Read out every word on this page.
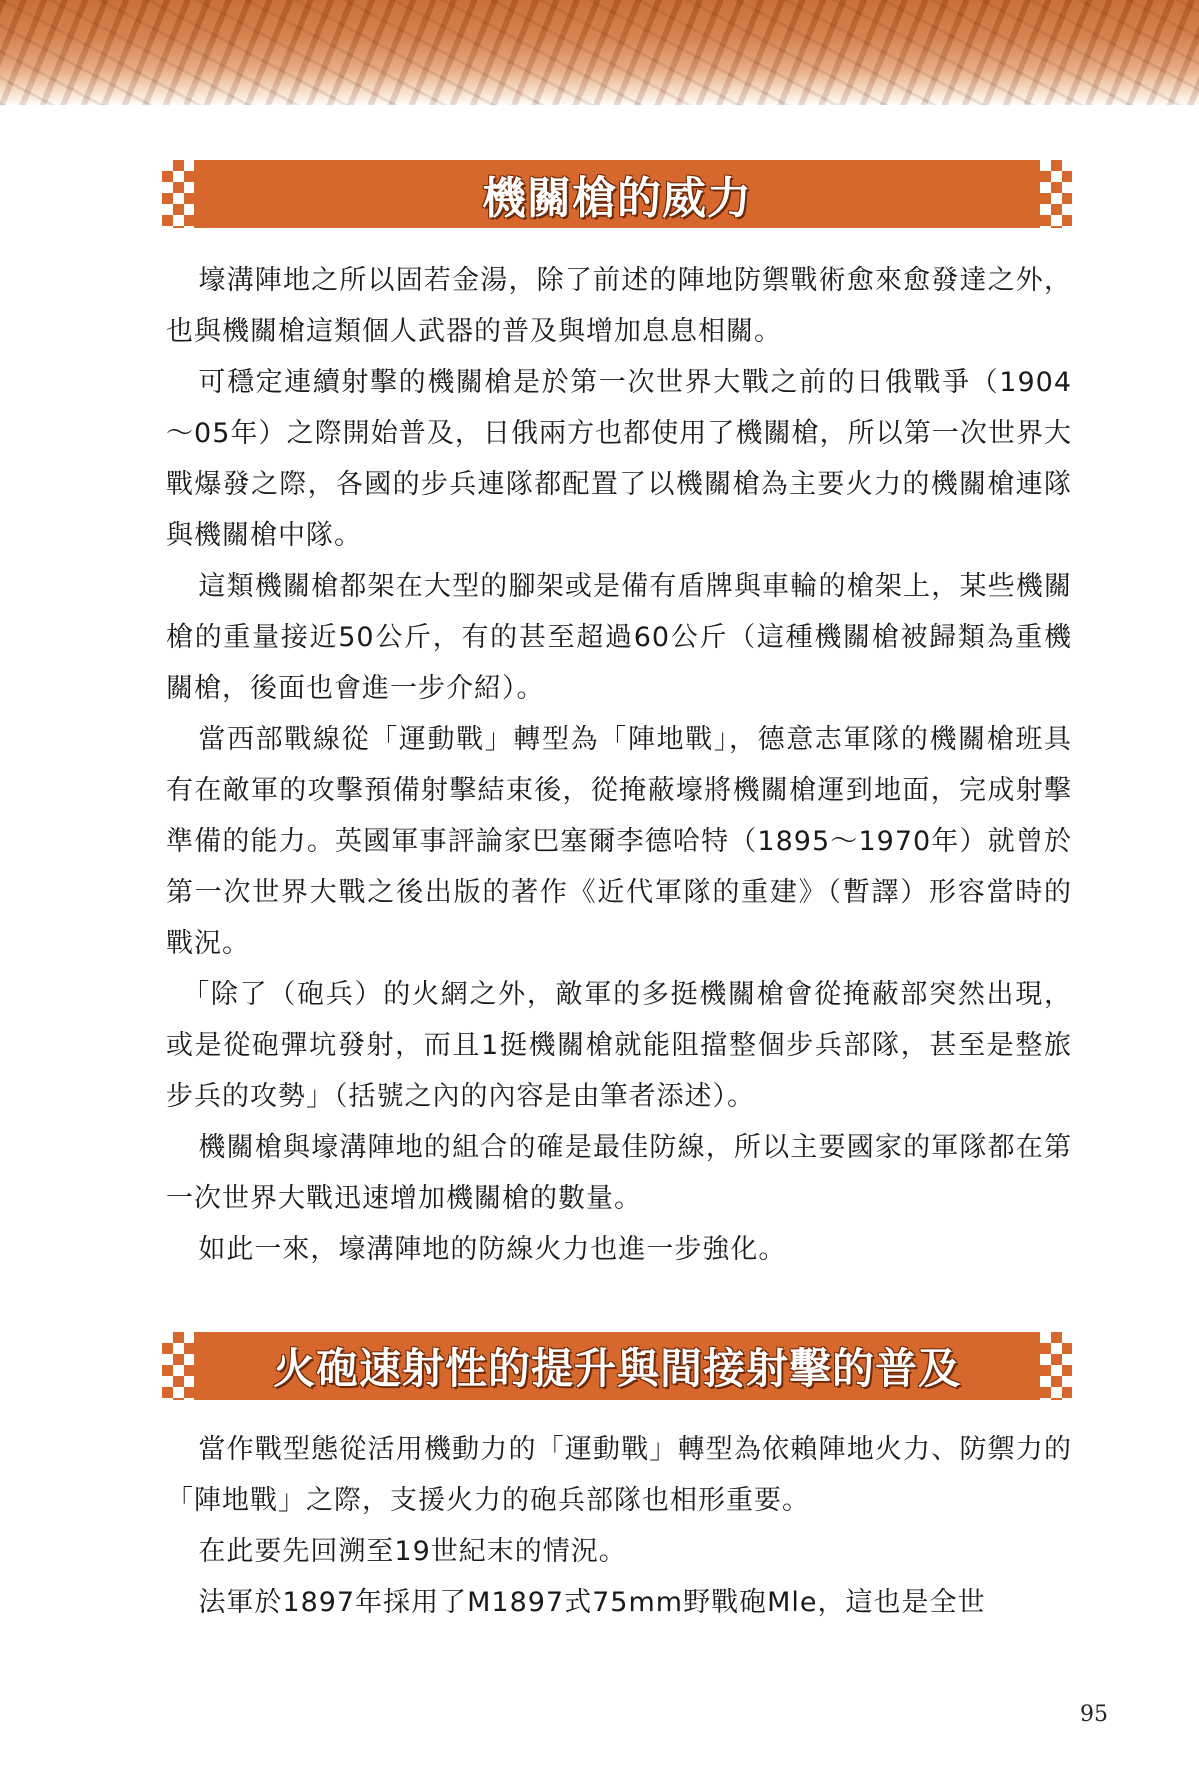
機關槍的威力

壕溝陣地之所以固若金湯，除了前述的陣地防禦戰術愈來愈發達之外，也與機關槍這類個人武器的普及與增加息息相關。

可穩定連續射擊的機關槍是於第一次世界大戰之前的日俄戰爭（1904～05年）之際開始普及，日俄兩方也都使用了機關槍，所以第一次世界大戰爆發之際，各國的步兵連隊都配置了以機關槍為主要火力的機關槍連隊與機關槍中隊。

這類機關槍都架在大型的腳架或是備有盾牌與車輪的槍架上，某些機關槍的重量接近50公斤，有的甚至超過60公斤（這種機關槍被歸類為重機關槍，後面也會進一步介紹）。

當西部戰線從「運動戰」轉型為「陣地戰」，德意志軍隊的機關槍班具有在敵軍的攻擊預備射擊結束後，從掩蔽壕將機關槍運到地面，完成射擊準備的能力。英國軍事評論家巴塞爾李德哈特（1895～1970年）就曾於第一次世界大戰之後出版的著作《近代軍隊的重建》（暫譯）形容當時的戰況。

「除了（砲兵）的火網之外，敵軍的多挺機關槍會從掩蔽部突然出現，或是從砲彈坑發射，而且1挺機關槍就能阻擋整個步兵部隊，甚至是整旅步兵的攻勢」（括號之內的內容是由筆者添述）。

機關槍與壕溝陣地的組合的確是最佳防線，所以主要國家的軍隊都在第一次世界大戰迅速增加機關槍的數量。

如此一來，壕溝陣地的防線火力也進一步強化。

火砲速射性的提升與間接射擊的普及

當作戰型態從活用機動力的「運動戰」轉型為依賴陣地火力、防禦力的「陣地戰」之際，支援火力的砲兵部隊也相形重要。

在此要先回溯至19世紀末的情況。

法軍於1897年採用了M1897式75mm野戰砲Mle，這也是全世

95
